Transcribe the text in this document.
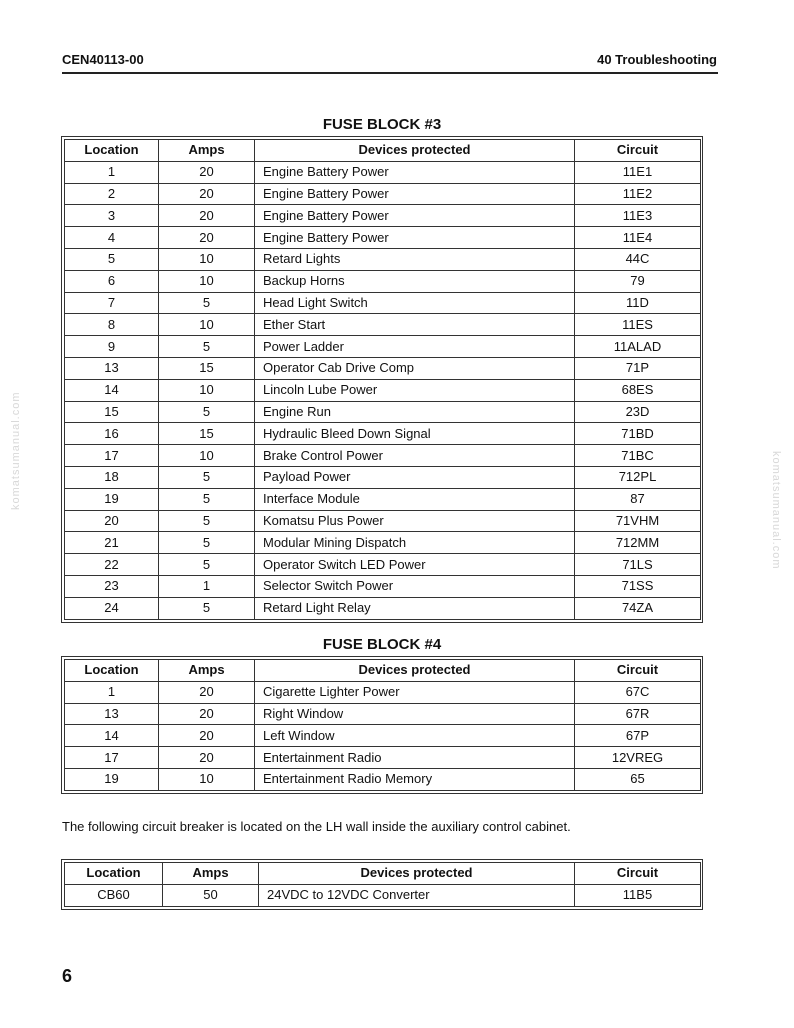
CEN40113-00	40 Troubleshooting
komatsumanual.com
komatsumanual.com
FUSE BLOCK #3
Location	Amps	Devices protected	Circuit
1	20	Engine Battery Power	11E1
2	20	Engine Battery Power	11E2
3	20	Engine Battery Power	11E3
4	20	Engine Battery Power	11E4
5	10	Retard Lights	44C
6	10	Backup Horns	79
7	5	Head Light Switch	11D
8	10	Ether Start	11ES
9	5	Power Ladder	11ALAD
13	15	Operator Cab Drive Comp	71P
14	10	Lincoln Lube Power	68ES
15	5	Engine Run	23D
16	15	Hydraulic Bleed Down Signal	71BD
17	10	Brake Control Power	71BC
18	5	Payload Power	712PL
19	5	Interface Module	87
20	5	Komatsu Plus Power	71VHM
21	5	Modular Mining Dispatch	712MM
22	5	Operator Switch LED Power	71LS
23	1	Selector Switch Power	71SS
24	5	Retard Light Relay	74ZA
FUSE BLOCK #4
Location	Amps	Devices protected	Circuit
1	20	Cigarette Lighter Power	67C
13	20	Right Window	67R
14	20	Left Window	67P
17	20	Entertainment Radio	12VREG
19	10	Entertainment Radio Memory	65
The following circuit breaker is located on the LH wall inside the auxiliary control cabinet.
Location	Amps	Devices protected	Circuit
CB60	50	24VDC to 12VDC Converter	11B5
6
